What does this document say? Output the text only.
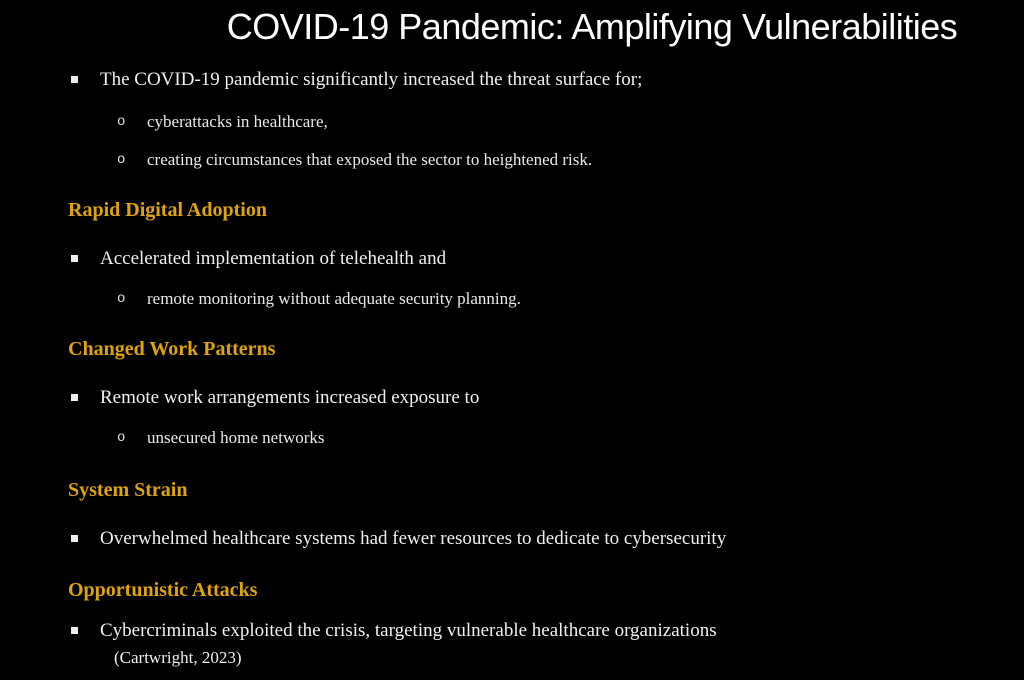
COVID-19 Pandemic: Amplifying Vulnerabilities
The COVID-19 pandemic significantly increased the threat surface for;
o cyberattacks in healthcare,
o creating circumstances that exposed the sector to heightened risk.
Rapid Digital Adoption
Accelerated implementation of telehealth and
o remote monitoring without adequate security planning.
Changed Work Patterns
Remote work arrangements increased exposure to
o unsecured home networks
System Strain
Overwhelmed healthcare systems had fewer resources to dedicate to cybersecurity
Opportunistic Attacks
Cybercriminals exploited the crisis, targeting vulnerable healthcare organizations
(Cartwright, 2023)
